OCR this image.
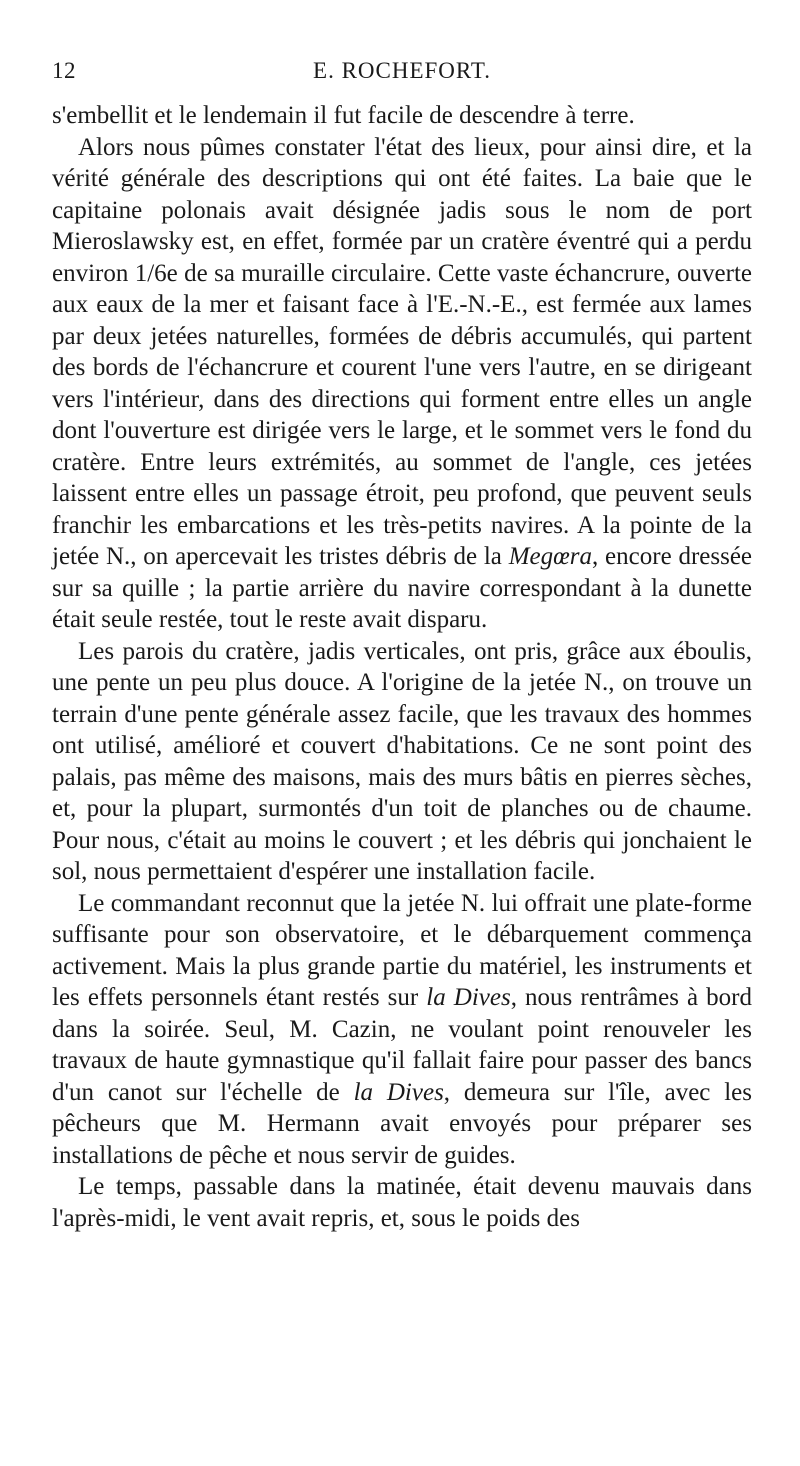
12	E. ROCHEFORT.

s'embellit et le lendemain il fut facile de descendre à terre.

Alors nous pûmes constater l'état des lieux, pour ainsi dire, et la vérité générale des descriptions qui ont été faites. La baie que le capitaine polonais avait désignée jadis sous le nom de port Mieroslawsky est, en effet, formée par un cratère éventré qui a perdu environ 1/6e de sa muraille circulaire. Cette vaste échancrure, ouverte aux eaux de la mer et faisant face à l'E.-N.-E., est fermée aux lames par deux jetées naturelles, formées de débris accumulés, qui partent des bords de l'échancrure et courent l'une vers l'autre, en se dirigeant vers l'intérieur, dans des directions qui forment entre elles un angle dont l'ouverture est dirigée vers le large, et le sommet vers le fond du cratère. Entre leurs extrémités, au sommet de l'angle, ces jetées laissent entre elles un passage étroit, peu profond, que peuvent seuls franchir les embarcations et les très-petits navires. A la pointe de la jetée N., on apercevait les tristes débris de la Megœra, encore dressée sur sa quille ; la partie arrière du navire correspondant à la dunette était seule restée, tout le reste avait disparu.

Les parois du cratère, jadis verticales, ont pris, grâce aux éboulis, une pente un peu plus douce. A l'origine de la jetée N., on trouve un terrain d'une pente générale assez facile, que les travaux des hommes ont utilisé, amélioré et couvert d'habitations. Ce ne sont point des palais, pas même des maisons, mais des murs bâtis en pierres sèches, et, pour la plupart, surmontés d'un toit de planches ou de chaume. Pour nous, c'était au moins le couvert ; et les débris qui jonchaient le sol, nous permettaient d'espérer une installation facile.

Le commandant reconnut que la jetée N. lui offrait une plate-forme suffisante pour son observatoire, et le débarquement commença activement. Mais la plus grande partie du matériel, les instruments et les effets personnels étant restés sur la Dives, nous rentrâmes à bord dans la soirée. Seul, M. Cazin, ne voulant point renouveler les travaux de haute gymnastique qu'il fallait faire pour passer des bancs d'un canot sur l'échelle de la Dives, demeura sur l'île, avec les pêcheurs que M. Hermann avait envoyés pour préparer ses installations de pêche et nous servir de guides.

Le temps, passable dans la matinée, était devenu mauvais dans l'après-midi, le vent avait repris, et, sous le poids des
